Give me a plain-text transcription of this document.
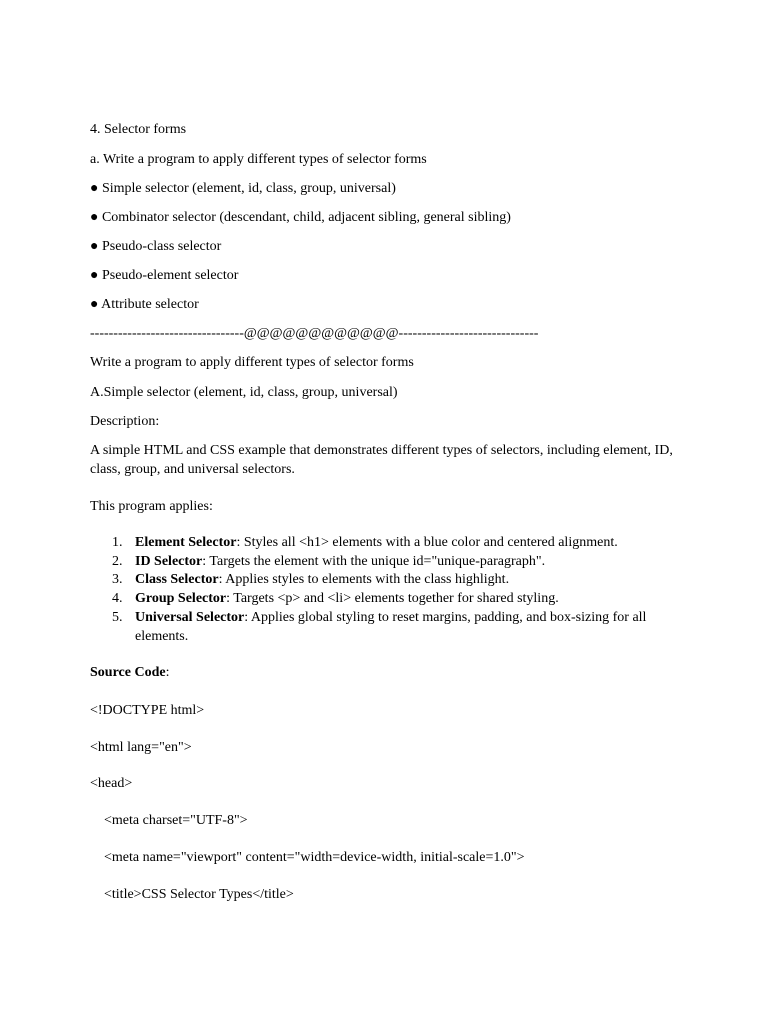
4. Selector forms
a. Write a program to apply different types of selector forms
● Simple selector (element, id, class, group, universal)
● Combinator selector (descendant, child, adjacent sibling, general sibling)
● Pseudo-class selector
● Pseudo-element selector
● Attribute selector
---------------------------------@@@@@@@@@@@@------------------------------
Write a program to apply different types of selector forms
A.Simple selector (element, id, class, group, universal)
Description:
A simple HTML and CSS example that demonstrates different types of selectors, including element, ID, class, group, and universal selectors.
This program applies:
1. Element Selector: Styles all <h1> elements with a blue color and centered alignment.
2. ID Selector: Targets the element with the unique id="unique-paragraph".
3. Class Selector: Applies styles to elements with the class highlight.
4. Group Selector: Targets <p> and <li> elements together for shared styling.
5. Universal Selector: Applies global styling to reset margins, padding, and box-sizing for all elements.
Source Code:
<!DOCTYPE html>
<html lang="en">
<head>
<meta charset="UTF-8">
<meta name="viewport" content="width=device-width, initial-scale=1.0">
<title>CSS Selector Types</title>
